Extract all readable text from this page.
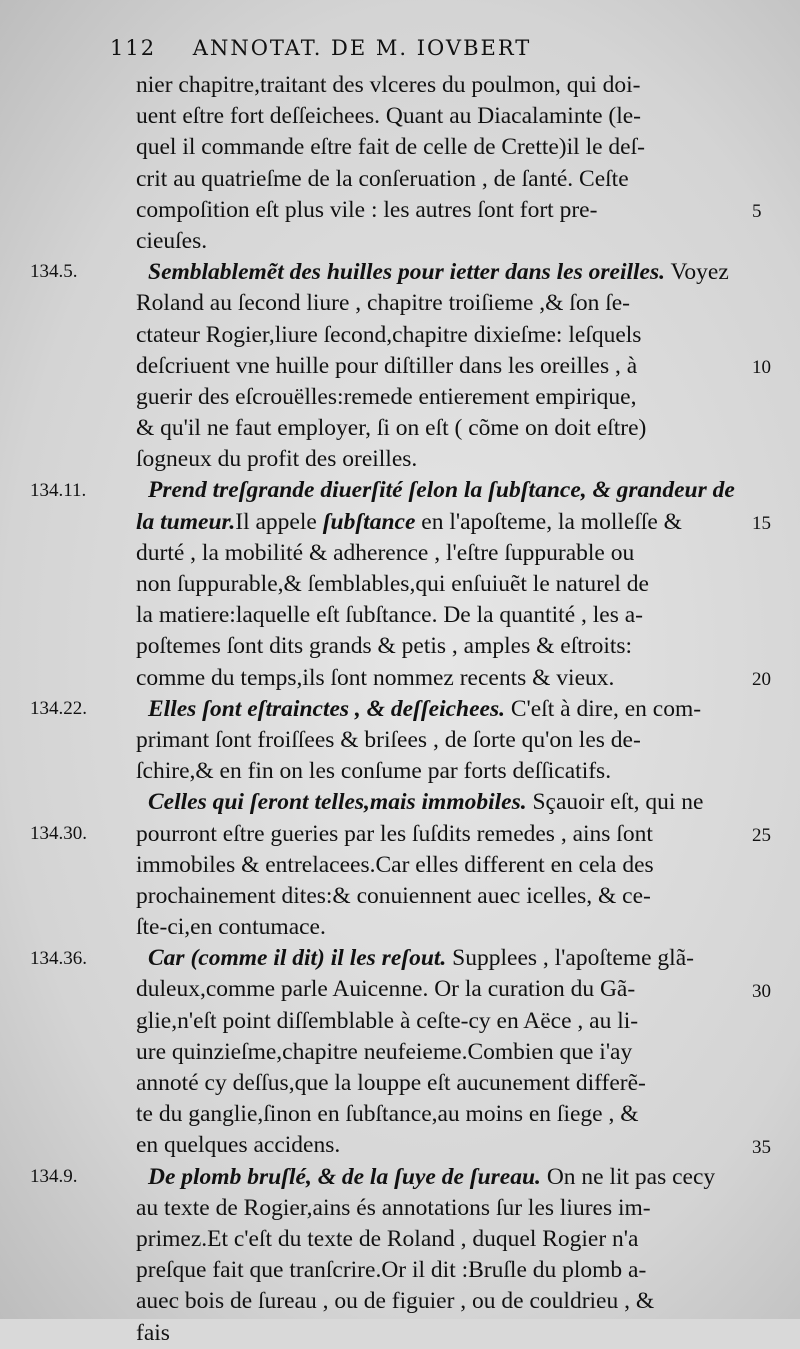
112 ANNOTAT. DE M. IOVBERT
nier chapitre,traitant des vlceres du poulmon, qui doi-
uent eſtre fort deſſeichees. Quant au Diacalaminte (le-
quel il commande eſtre fait de celle de Crette)il le deſ-
crit au quatrieſme de la conſeruation , de ſanté. Ceſte
compoſition eſt plus vile : les autres ſont fort pre-
cieuſes.
Semblablemẽt des huilles pour ietter dans les oreilles. Voyez
Roland au ſecond liure , chapitre troiſieme ,& ſon ſe-
ctateur Rogier,liure ſecond,chapitre dixieſme: leſquels
deſcriuent vne huille pour diſtiller dans les oreilles , à
guerir des eſcrouëlles:remede entierement empirique,
& qu'il ne faut employer, ſi on eſt ( cõme on doit eſtre)
ſogneux du profit des oreilles.
Prend treſgrande diuerſité ſelon la ſubſtance, & grandeur de
la tumeur.Il appele ſubſtance en l'apoſteme, la molleſſe &
durté , la mobilité & adherence , l'eſtre ſuppurable ou
non ſuppurable,& ſemblables,qui enſuiuẽt le naturel de
la matiere:laquelle eſt ſubſtance. De la quantité , les a-
poſtemes ſont dits grands & petis , amples & eſtroits:
comme du temps,ils ſont nommez recents & vieux.
Elles ſont eſtrainctes , & deſſeichees. C'eſt à dire, en com-
primant ſont froiſſees & briſees , de ſorte qu'on les de-
ſchire,& en fin on les conſume par forts deſſicatifs.
Celles qui ſeront telles,mais immobiles. Sçauoir eſt, qui ne
pourront eſtre gueries par les ſuſdits remedes , ains ſont
immobiles & entrelacees.Car elles different en cela des
prochainement dites:& conuiennent auec icelles, & ce-
ſte-ci,en contumace.
Car (comme il dit) il les reſout. Supplees , l'apoſteme glã-
duleux,comme parle Auicenne. Or la curation du Gã-
glie,n'eſt point diſſemblable à ceſte-cy en Aëce , au li-
ure quinzieſme,chapitre neufeieme.Combien que i'ay
annoté cy deſſus,que la louppe eſt aucunement differẽ-
te du ganglie,ſinon en ſubſtance,au moins en ſiege , &
en quelques accidens.
De plomb bruſlé, & de la ſuye de ſureau. On ne lit pas cecy
au texte de Rogier,ains és annotations ſur les liures im-
primez.Et c'eſt du texte de Roland , duquel Rogier n'a
preſque fait que tranſcrire.Or il dit :Bruſle du plomb a-
auec bois de ſureau , ou de figuier , ou de couldrieu , &
fais
134.5.
134.11.
134.22.
134.30.
134.36.
134.9.
5
10
15
20
25
30
35
